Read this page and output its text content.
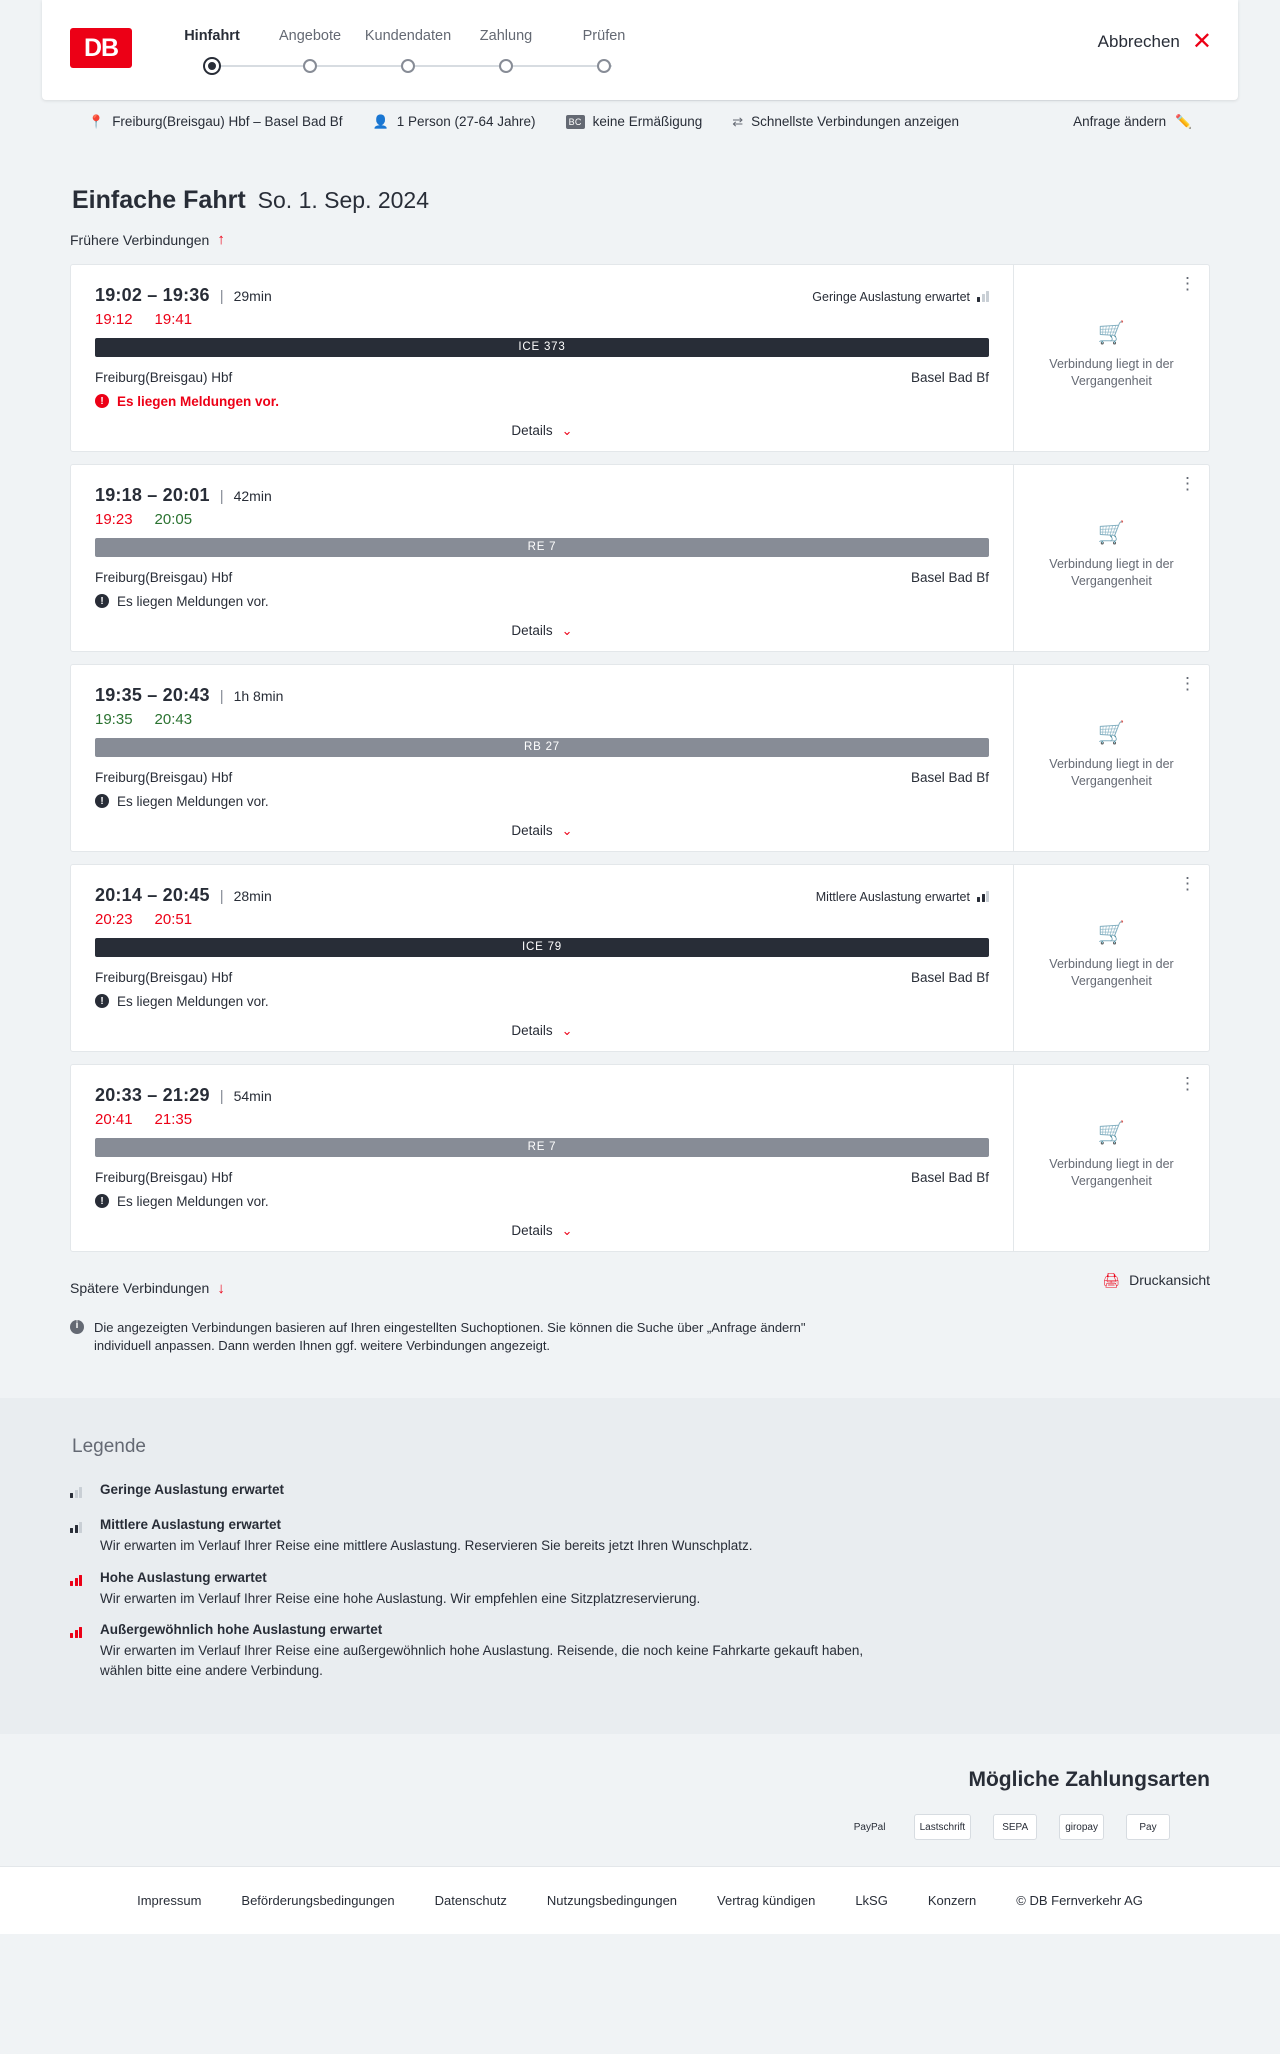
DB	Hinfahrt	Angebote Kundendaten Zahlung	Prüfen	Abbrechen ✕
📍 Freiburg(Breisgau) Hbf – Basel Bad Bf 👤 1 Person (27-64 Jahre)	BC keine Ermäßigung ⇄ Schnellste Verbindungen anzeigen	Anfrage ändern ✏️
Einfache Fahrt So. 1. Sep. 2024
Frühere Verbindungen ↑
19:02 – 19:36 | 29min	Geringe Auslastung erwartet
19:12 19:41
ICE 373
Freiburg(Breisgau) Hbf	Basel Bad Bf
! Es liegen Meldungen vor.
Details ⌄
⋮
🛒
Verbindung liegt in der Vergangenheit
19:18 – 20:01 | 42min
19:23 20:05
RE 7
Freiburg(Breisgau) Hbf	Basel Bad Bf
! Es liegen Meldungen vor.
Details ⌄
⋮
🛒
Verbindung liegt in der Vergangenheit
19:35 – 20:43 | 1h 8min
19:35 20:43
RB 27
Freiburg(Breisgau) Hbf	Basel Bad Bf
! Es liegen Meldungen vor.
Details ⌄
⋮
🛒
Verbindung liegt in der Vergangenheit
20:14 – 20:45 | 28min	Mittlere Auslastung erwartet
20:23 20:51
ICE 79
Freiburg(Breisgau) Hbf	Basel Bad Bf
! Es liegen Meldungen vor.
Details ⌄
⋮
🛒
Verbindung liegt in der Vergangenheit
20:33 – 21:29 | 54min
20:41 21:35
RE 7
Freiburg(Breisgau) Hbf	Basel Bad Bf
! Es liegen Meldungen vor.
Details ⌄
⋮
🛒
Verbindung liegt in der Vergangenheit
Spätere Verbindungen ↓	🖨 Druckansicht
i	Die angezeigten Verbindungen basieren auf Ihren eingestellten Suchoptionen. Sie können die Suche über „Anfrage ändern" individuell anpassen. Dann werden Ihnen ggf. weitere Verbindungen angezeigt.
Legende
Geringe Auslastung erwartet
Mittlere Auslastung erwartet
Wir erwarten im Verlauf Ihrer Reise eine mittlere Auslastung. Reservieren Sie bereits jetzt Ihren Wunschplatz.
Hohe Auslastung erwartet
Wir erwarten im Verlauf Ihrer Reise eine hohe Auslastung. Wir empfehlen eine Sitzplatzreservierung.
Außergewöhnlich hohe Auslastung erwartet
Wir erwarten im Verlauf Ihrer Reise eine außergewöhnlich hohe Auslastung. Reisende, die noch keine Fahrkarte gekauft haben, wählen bitte eine andere Verbindung.
Mögliche Zahlungsarten
PayPal	Lastschrift	SEPA	giropay	Pay
Impressum	Beförderungsbedingungen	Datenschutz	Nutzungsbedingungen	Vertrag kündigen	LkSG	Konzern	© DB Fernverkehr AG
